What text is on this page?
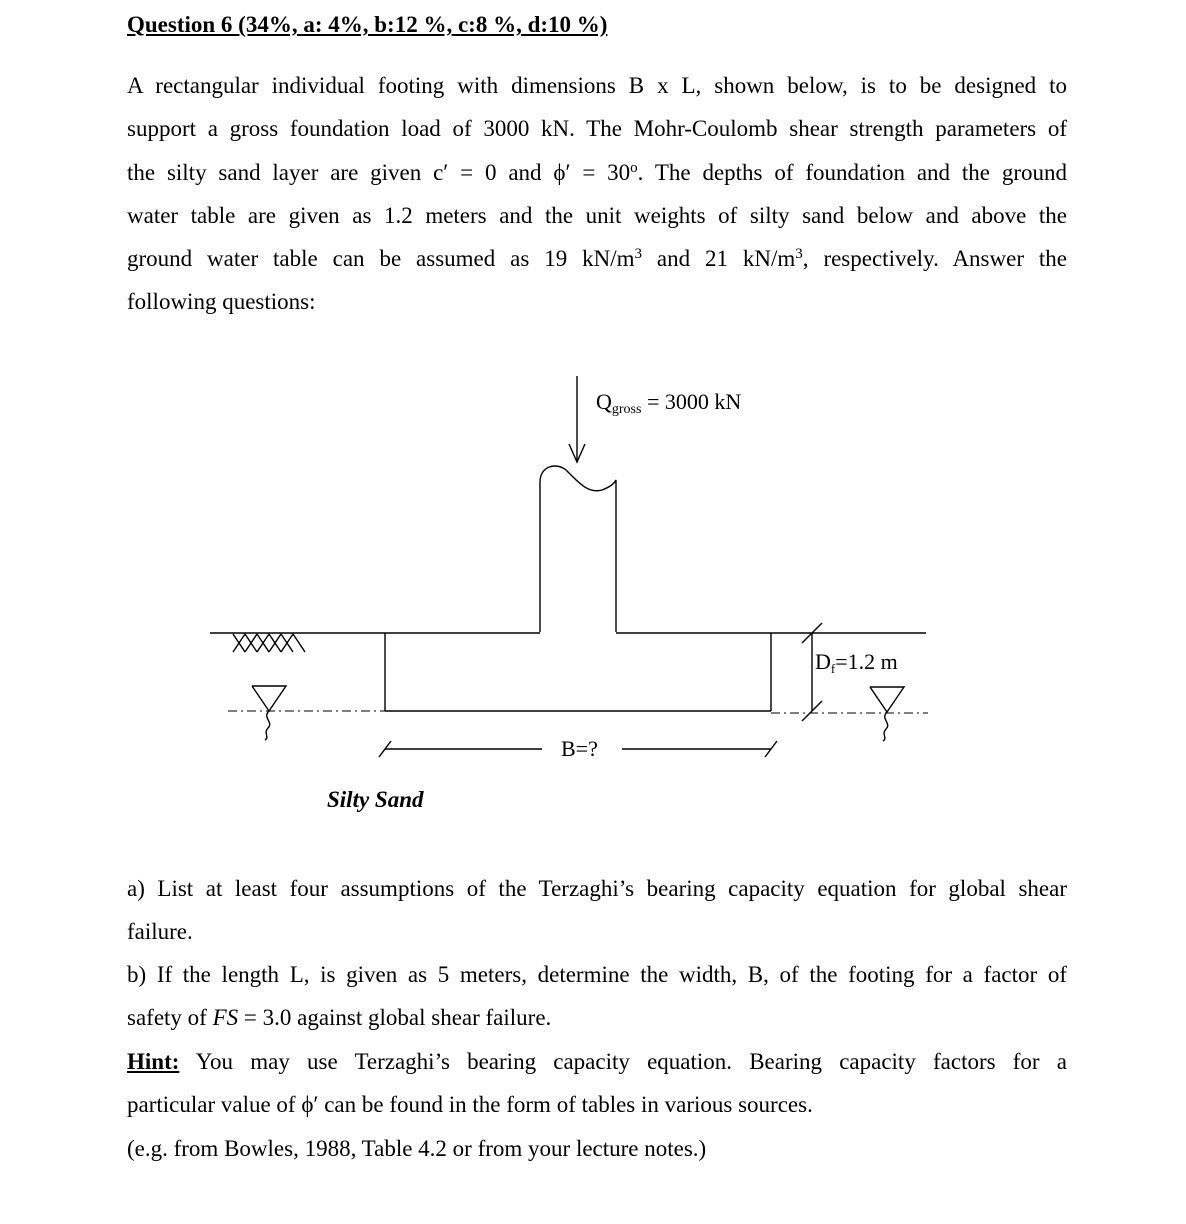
Question 6 (34%, a: 4%, b:12 %, c:8 %, d:10 %)
A rectangular individual footing with dimensions B x L, shown below, is to be designed to
support a gross foundation load of 3000 kN. The Mohr-Coulomb shear strength parameters of
the silty sand layer are given c′ = 0 and $\phi' = 30^o$. The depths of foundation and the ground
water table are given as 1.2 meters and the unit weights of silty sand below and above the
ground water table can be assumed as 19 $kN/m^3$ and 21 $kN/m^3$, respectively. Answer the
following questions:
$Q_{gross} = 3000$ kN
$D_f=1.2$ m
B=?
Silty Sand
a) List at least four assumptions of the Terzaghi’s bearing capacity equation for global shear
failure.
b) If the length L, is given as 5 meters, determine the width, B, of the footing for a factor of
safety of FS = 3.0 against global shear failure.
Hint: You may use Terzaghi’s bearing capacity equation. Bearing capacity factors for a
particular value of ϕ′ can be found in the form of tables in various sources.
(e.g. from Bowles, 1988, Table 4.2 or from your lecture notes.)
